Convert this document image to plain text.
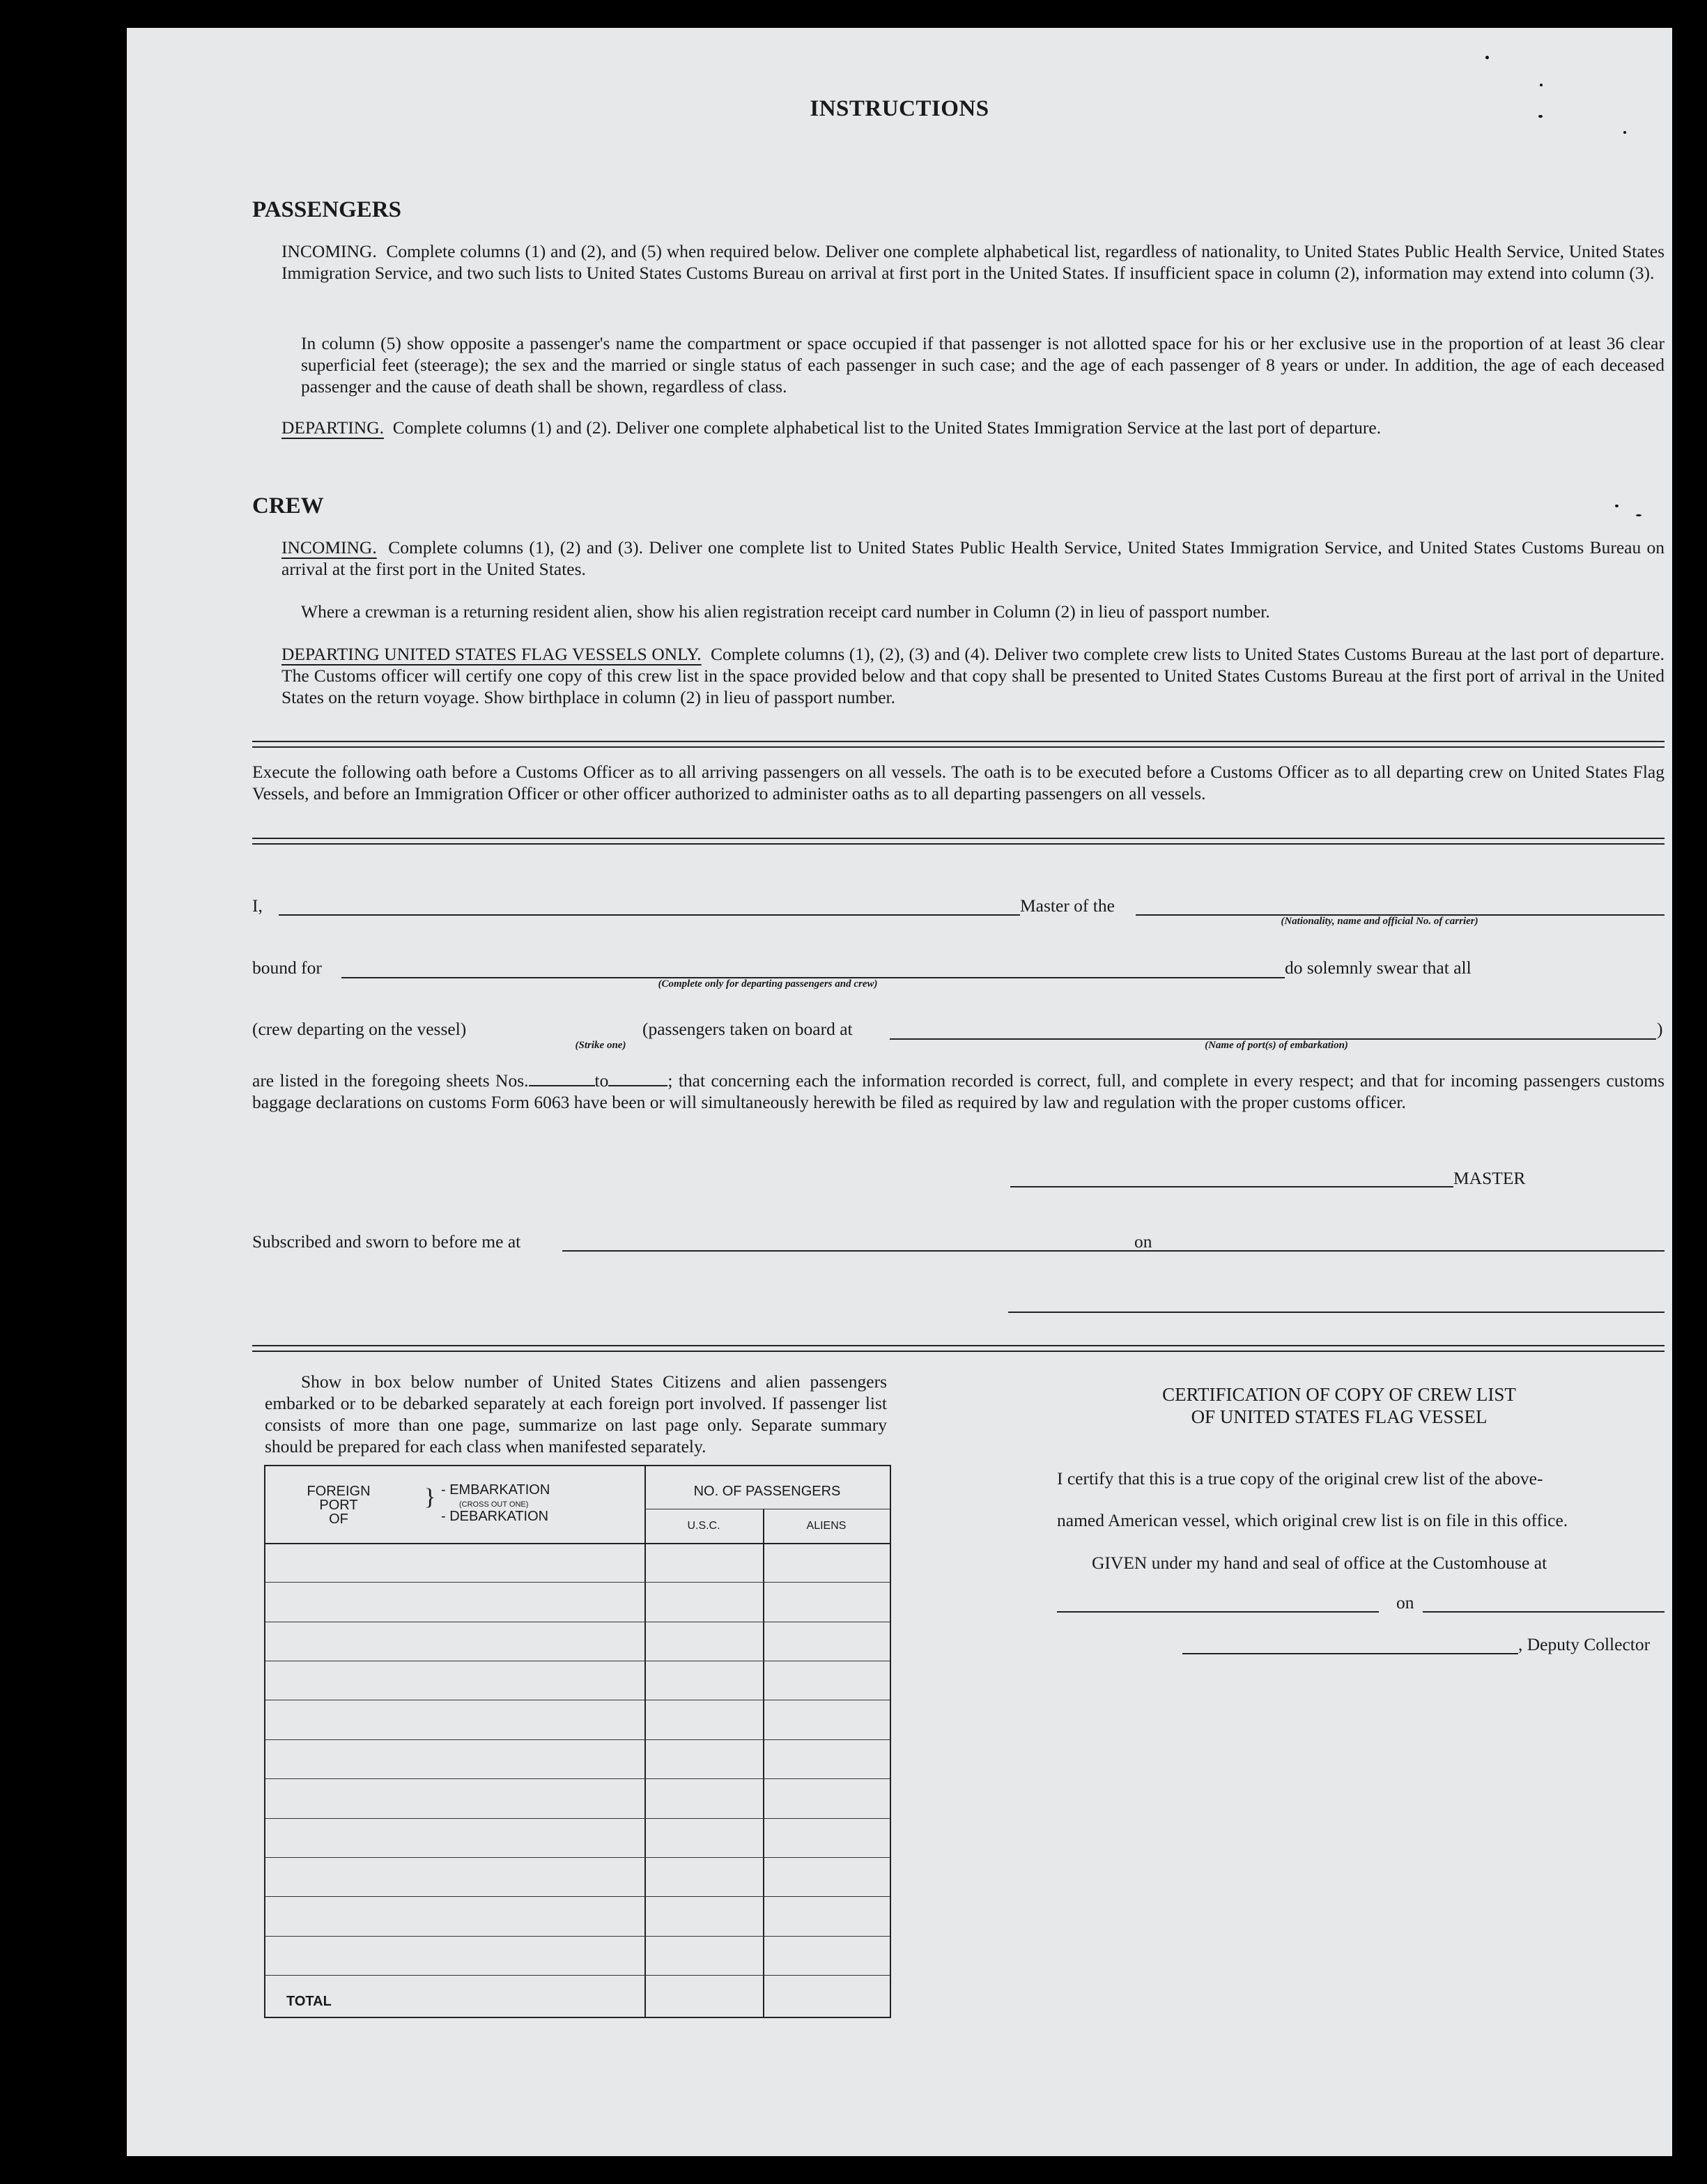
INSTRUCTIONS
PASSENGERS
INCOMING. Complete columns (1) and (2), and (5) when required below. Deliver one complete alphabetical list, regardless of nationality, to United States Public Health Service, United States Immigration Service, and two such lists to United States Customs Bureau on arrival at first port in the United States. If insufficient space in column (2), information may extend into column (3).
In column (5) show opposite a passenger's name the compartment or space occupied if that passenger is not allotted space for his or her exclusive use in the proportion of at least 36 clear superficial feet (steerage); the sex and the married or single status of each passenger in such case; and the age of each passenger of 8 years or under. In addition, the age of each deceased passenger and the cause of death shall be shown, regardless of class.
DEPARTING. Complete columns (1) and (2). Deliver one complete alphabetical list to the United States Immigration Service at the last port of departure.
CREW
INCOMING. Complete columns (1), (2) and (3). Deliver one complete list to United States Public Health Service, United States Immigration Service, and United States Customs Bureau on arrival at the first port in the United States.
Where a crewman is a returning resident alien, show his alien registration receipt card number in Column (2) in lieu of passport number.
DEPARTING UNITED STATES FLAG VESSELS ONLY. Complete columns (1), (2), (3) and (4). Deliver two complete crew lists to United States Customs Bureau at the last port of departure. The Customs officer will certify one copy of this crew list in the space provided below and that copy shall be presented to United States Customs Bureau at the first port of arrival in the United States on the return voyage. Show birthplace in column (2) in lieu of passport number.
Execute the following oath before a Customs Officer as to all arriving passengers on all vessels. The oath is to be executed before a Customs Officer as to all departing crew on United States Flag Vessels, and before an Immigration Officer or other officer authorized to administer oaths as to all departing passengers on all vessels.
I,	Master of the
(Nationality, name and official No. of carrier)
bound for	do solemnly swear that all
(Complete only for departing passengers and crew)
(crew departing on the vessel)	(passengers taken on board at
(Strike one)
)
(Name of port(s) of embarkation)
are listed in the foregoing sheets Nos.	to	; that concerning each the information recorded is correct, full, and complete in every respect; and that for incoming passengers customs baggage declarations on customs Form 6063 have been or will simultaneously herewith be filed as required by law and regulation with the proper customs officer.
MASTER
Subscribed and sworn to before me at	on
Show in box below number of United States Citizens and alien passengers embarked or to be debarked separately at each foreign port involved. If passenger list consists of more than one page, summarize on last page only. Separate summary should be prepared for each class when manifested separately.
FOREIGN
PORT
OF
} - EMBARKATION
(CROSS OUT ONE)
- DEBARKATION
NO. OF PASSENGERS
U.S.C.	ALIENS
TOTAL
CERTIFICATION OF COPY OF CREW LIST
OF UNITED STATES FLAG VESSEL
I certify that this is a true copy of the original crew list of the above-
named American vessel, which original crew list is on file in this office.
GIVEN under my hand and seal of office at the Customhouse at
on
, Deputy Collector
